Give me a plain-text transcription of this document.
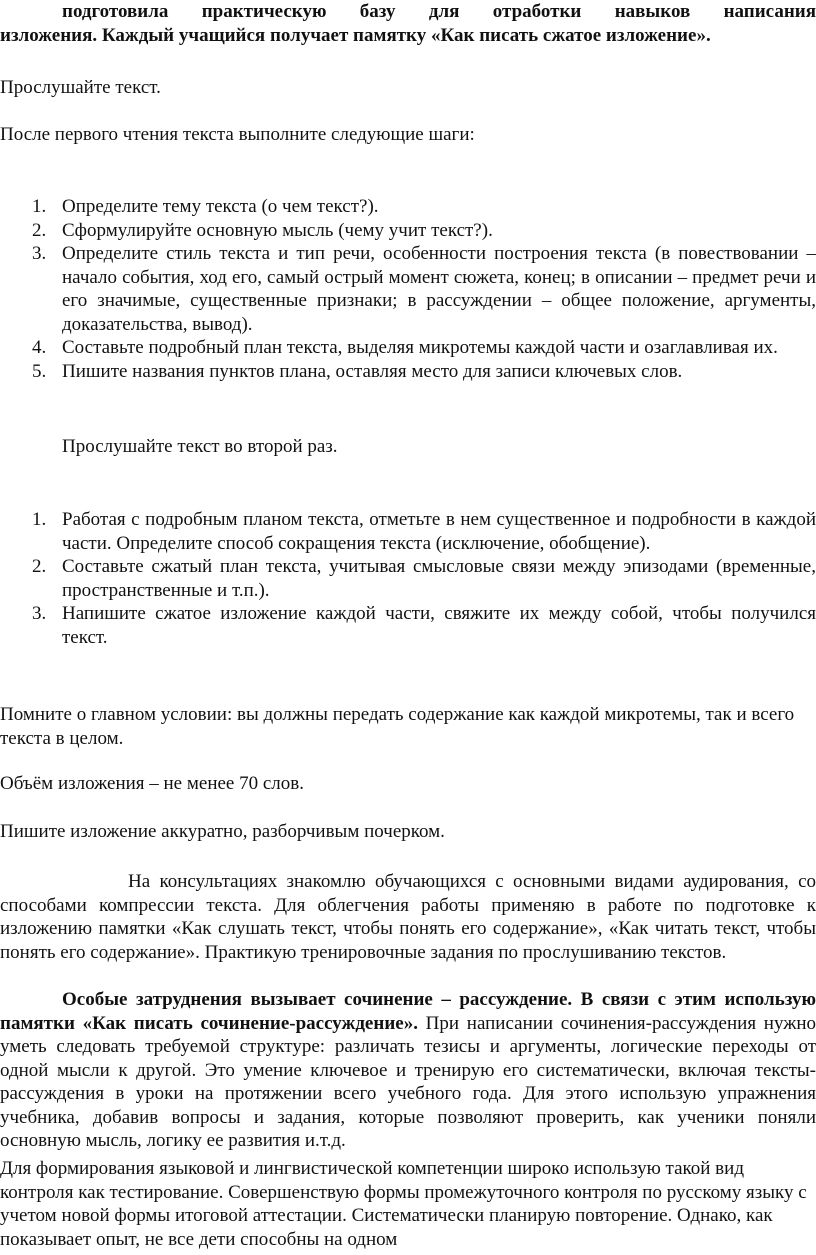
подготовила практическую базу для отработки навыков написания

изложения. Каждый учащийся получает памятку «Как писать сжатое изложение».

Прослушайте текст.

После первого чтения текста выполните следующие шаги:

1. Определите тему текста (о чем текст?).
2. Сформулируйте основную мысль (чему учит текст?).
3. Определите стиль текста и тип речи, особенности построения текста (в повествовании – начало события, ход его, самый острый момент сюжета, конец; в описании – предмет речи и его значимые, существенные признаки; в рассуждении – общее положение, аргументы, доказательства, вывод).
4. Составьте подробный план текста, выделяя микротемы каждой части и озаглавливая их.
5. Пишите названия пунктов плана, оставляя место для записи ключевых слов.

Прослушайте текст во второй раз.

1. Работая с подробным планом текста, отметьте в нем существенное и подробности в каждой части. Определите способ сокращения текста (исключение, обобщение).
2. Составьте сжатый план текста, учитывая смысловые связи между эпизодами (временные, пространственные и т.п.).
3. Напишите сжатое изложение каждой части, свяжите их между собой, чтобы получился текст.

Помните о главном условии: вы должны передать содержание как каждой микротемы, так и всего текста в целом.

Объём изложения – не менее 70 слов.

Пишите изложение аккуратно, разборчивым почерком.

На консультациях знакомлю обучающихся с основными видами аудирования, со способами компрессии текста. Для облегчения работы применяю в работе по подготовке к изложению памятки «Как слушать текст, чтобы понять его содержание», «Как читать текст, чтобы понять его содержание». Практикую тренировочные задания по прослушиванию текстов.

Особые затруднения вызывает сочинение – рассуждение. В связи с этим использую памятки «Как писать сочинение-рассуждение». При написании сочинения-рассуждения нужно уметь следовать требуемой структуре: различать тезисы и аргументы, логические переходы от одной мысли к другой. Это умение ключевое и тренирую его систематически, включая тексты-рассуждения в уроки на протяжении всего учебного года. Для этого использую упражнения учебника, добавив вопросы и задания, которые позволяют проверить, как ученики поняли основную мысль, логику ее развития и.т.д.

Для формирования языковой и лингвистической компетенции широко использую такой вид контроля как тестирование. Совершенствую формы промежуточного контроля по русскому языку с учетом новой формы итоговой аттестации. Систематически планирую повторение. Однако, как показывает опыт, не все дети способны на одном
